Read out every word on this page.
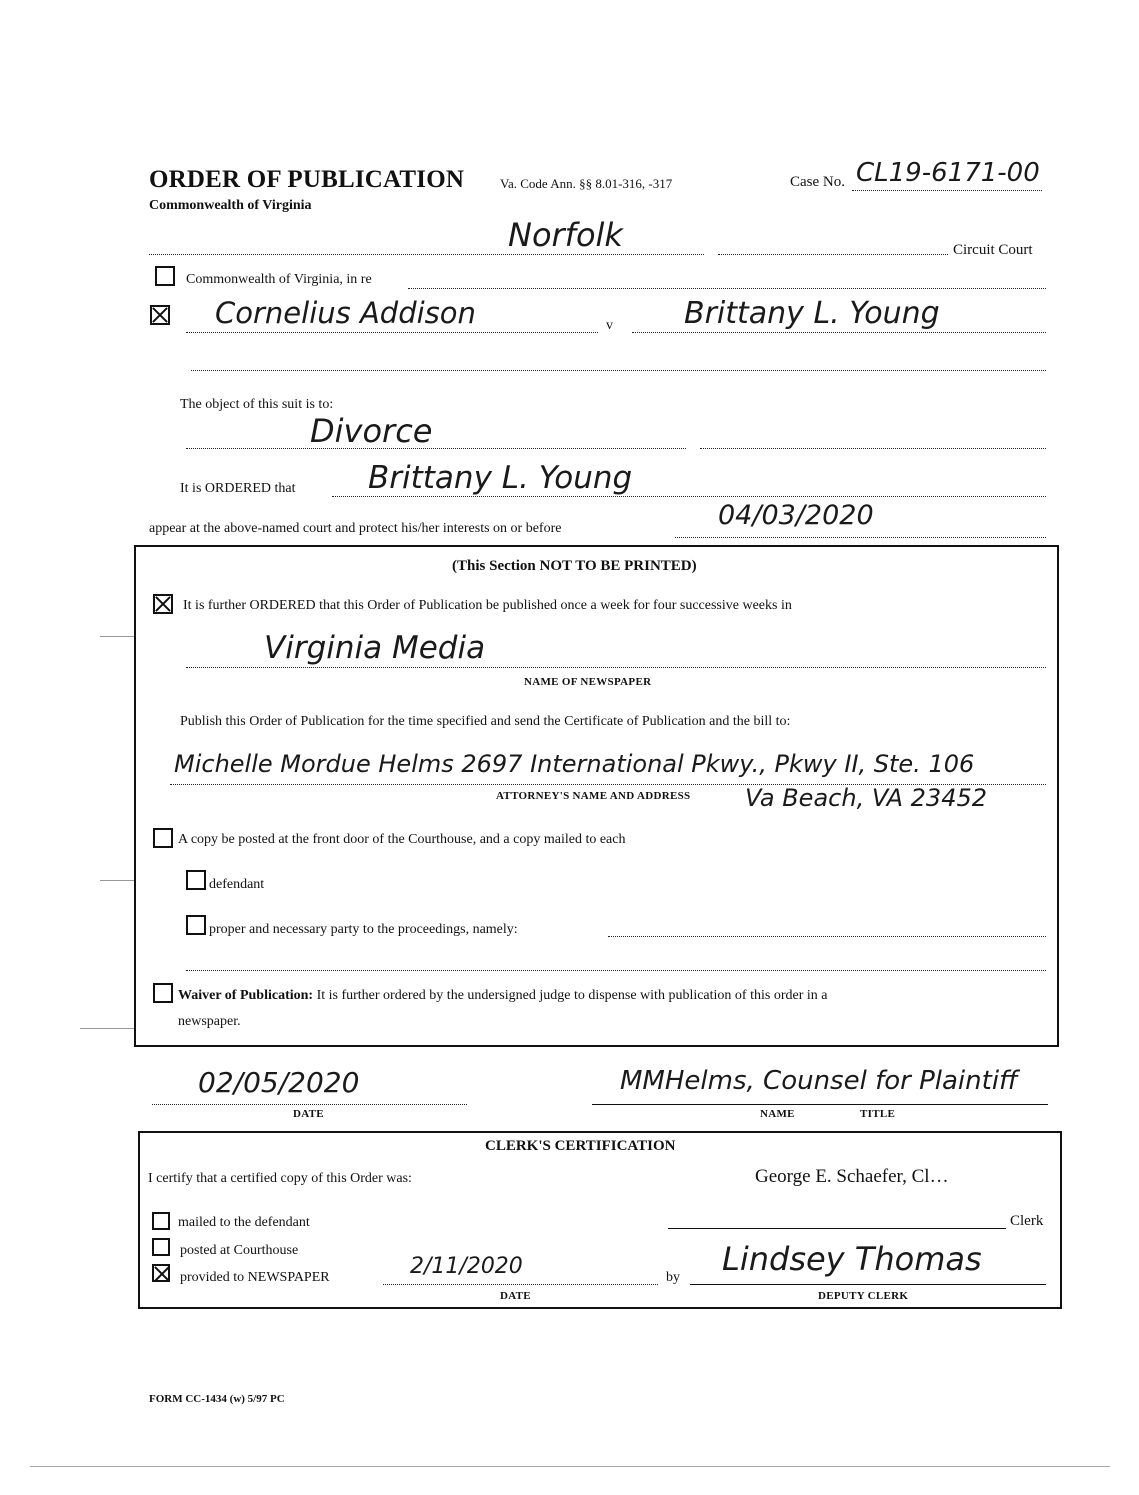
ORDER OF PUBLICATION
Commonwealth of Virginia
Va. Code Ann. §§ 8.01-316, -317	Case No. CL19-6171-00
Norfolk	Circuit Court
Commonwealth of Virginia, in re
Cornelius Addison	v Brittany L. Young
The object of this suit is to:
Divorce
It is ORDERED that Brittany L. Young
appear at the above-named court and protect his/her interests on or before	04/03/2020
(This Section NOT TO BE PRINTED)
It is further ORDERED that this Order of Publication be published once a week for four successive weeks in
Virginia Media
NAME OF NEWSPAPER
Publish this Order of Publication for the time specified and send the Certificate of Publication and the bill to:
Michelle Mordue Helms 2697 International Pkwy., Pkwy II, Ste. 106
ATTORNEY'S NAME AND ADDRESS Va Beach, VA 23452
A copy be posted at the front door of the Courthouse, and a copy mailed to each
defendant
proper and necessary party to the proceedings, namely:
Waiver of Publication: It is further ordered by the undersigned judge to dispense with publication of this order in a
newspaper.
02/05/2020
DATE
MMHelms, Counsel for Plaintiff
NAME	TITLE
CLERK'S CERTIFICATION
I certify that a certified copy of this Order was:	George E. Schaefer, Cl…
mailed to the defendant	Clerk
posted at Courthouse
provided to NEWSPAPER	2/11/2020
DATE
by Lindsey Thomas
DEPUTY CLERK
FORM CC-1434 (w) 5/97 PC
